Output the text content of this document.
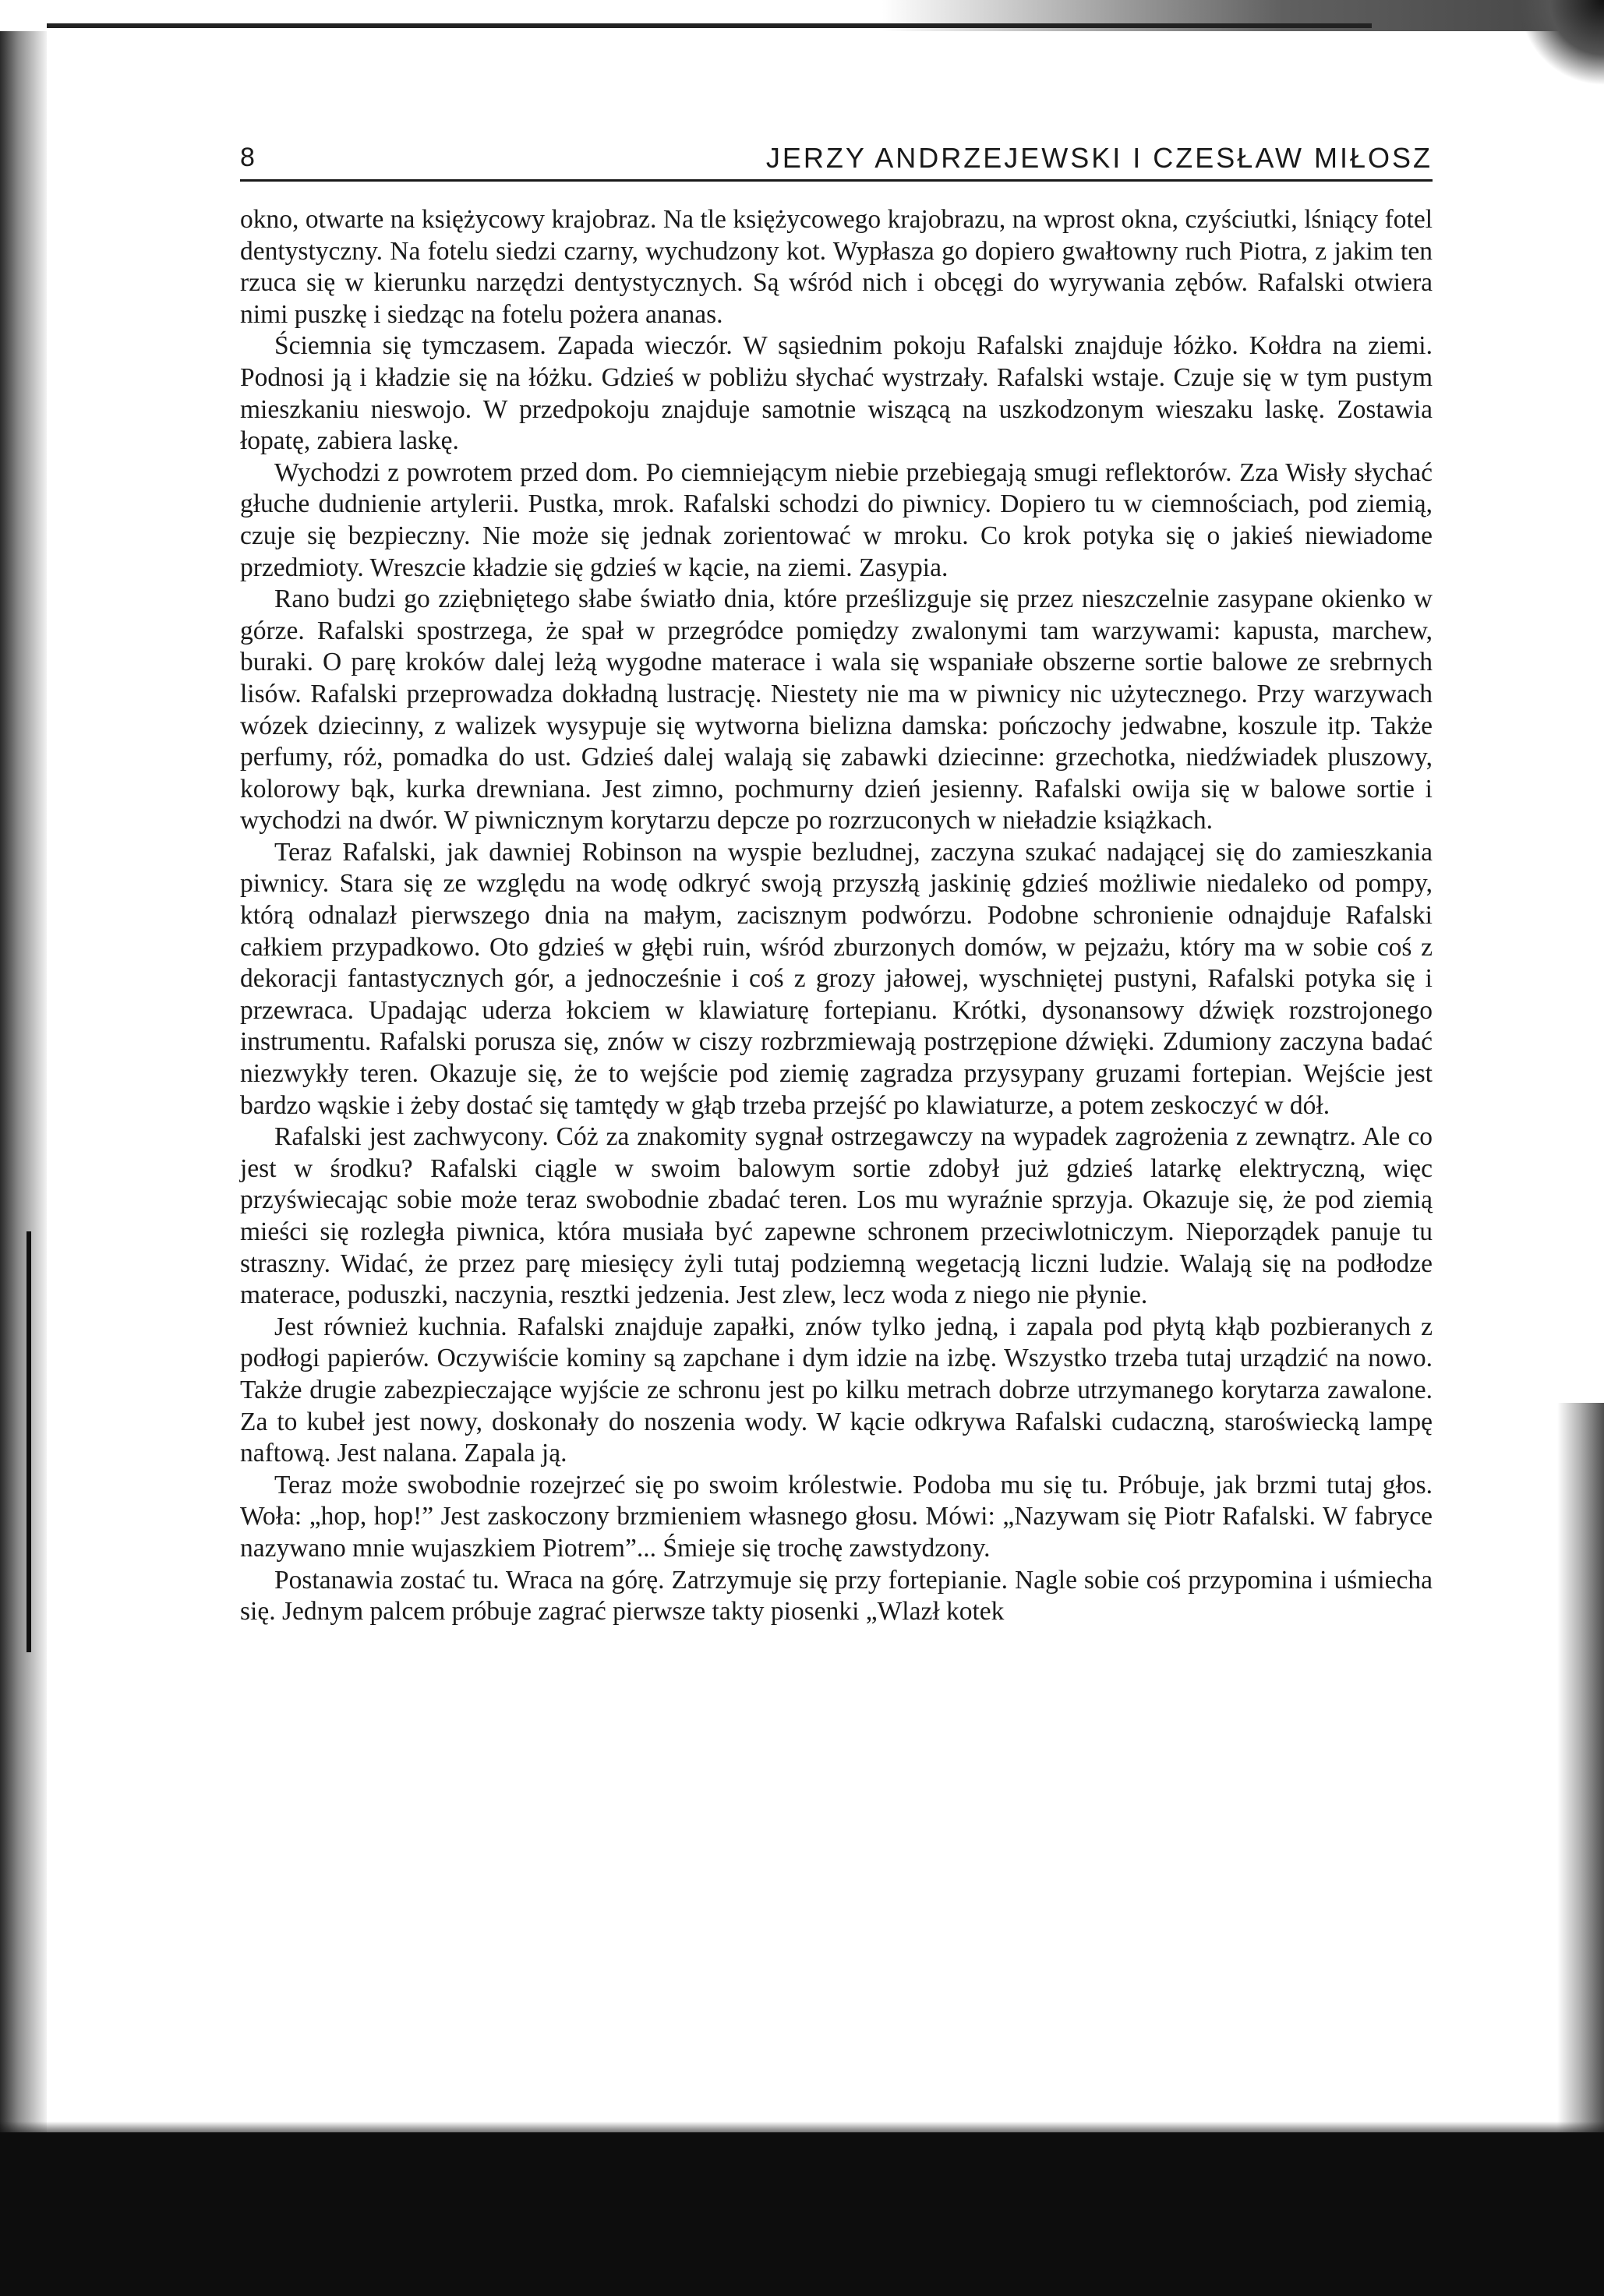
8	JERZY ANDRZEJEWSKI I CZESŁAW MIŁOSZ

okno, otwarte na księżycowy krajobraz. Na tle księżycowego krajobrazu, na wprost okna, czyściutki, lśniący fotel dentystyczny. Na fotelu siedzi czarny, wychudzony kot. Wypłasza go dopiero gwałtowny ruch Piotra, z jakim ten rzuca się w kierunku narzędzi dentystycznych. Są wśród nich i obcęgi do wyrywania zębów. Rafalski otwiera nimi puszkę i siedząc na fotelu pożera ananas.

Ściemnia się tymczasem. Zapada wieczór. W sąsiednim pokoju Rafalski znajduje łóżko. Kołdra na ziemi. Podnosi ją i kładzie się na łóżku. Gdzieś w pobliżu słychać wystrzały. Rafalski wstaje. Czuje się w tym pustym mieszkaniu nieswojo. W przedpokoju znajduje samotnie wiszącą na uszkodzonym wieszaku laskę. Zostawia łopatę, zabiera laskę.

Wychodzi z powrotem przed dom. Po ciemniejącym niebie przebiegają smugi reflektorów. Zza Wisły słychać głuche dudnienie artylerii. Pustka, mrok. Rafalski schodzi do piwnicy. Dopiero tu w ciemnościach, pod ziemią, czuje się bezpieczny. Nie może się jednak zorientować w mroku. Co krok potyka się o jakieś niewiadome przedmioty. Wreszcie kładzie się gdzieś w kącie, na ziemi. Zasypia.

Rano budzi go zziębniętego słabe światło dnia, które prześlizguje się przez nieszczelnie zasypane okienko w górze. Rafalski spostrzega, że spał w przegródce pomiędzy zwalonymi tam warzywami: kapusta, marchew, buraki. O parę kroków dalej leżą wygodne materace i wala się wspaniałe obszerne sortie balowe ze srebrnych lisów. Rafalski przeprowadza dokładną lustrację. Niestety nie ma w piwnicy nic użytecznego. Przy warzywach wózek dziecinny, z walizek wysypuje się wytworna bielizna damska: pończochy jedwabne, koszule itp. Także perfumy, róż, pomadka do ust. Gdzieś dalej walają się zabawki dziecinne: grzechotka, niedźwiadek pluszowy, kolorowy bąk, kurka drewniana. Jest zimno, pochmurny dzień jesienny. Rafalski owija się w balowe sortie i wychodzi na dwór. W piwnicznym korytarzu depcze po rozrzuconych w nieładzie książkach.

Teraz Rafalski, jak dawniej Robinson na wyspie bezludnej, zaczyna szukać nadającej się do zamieszkania piwnicy. Stara się ze względu na wodę odkryć swoją przyszłą jaskinię gdzieś możliwie niedaleko od pompy, którą odnalazł pierwszego dnia na małym, zacisznym podwórzu. Podobne schronienie odnajduje Rafalski całkiem przypadkowo. Oto gdzieś w głębi ruin, wśród zburzonych domów, w pejzażu, który ma w sobie coś z dekoracji fantastycznych gór, a jednocześnie i coś z grozy jałowej, wyschniętej pustyni, Rafalski potyka się i przewraca. Upadając uderza łokciem w klawiaturę fortepianu. Krótki, dysonansowy dźwięk rozstrojonego instrumentu. Rafalski porusza się, znów w ciszy rozbrzmiewają postrzępione dźwięki. Zdumiony zaczyna badać niezwykły teren. Okazuje się, że to wejście pod ziemię zagradza przysypany gruzami fortepian. Wejście jest bardzo wąskie i żeby dostać się tamtędy w głąb trzeba przejść po klawiaturze, a potem zeskoczyć w dół.

Rafalski jest zachwycony. Cóż za znakomity sygnał ostrzegawczy na wypadek zagrożenia z zewnątrz. Ale co jest w środku? Rafalski ciągle w swoim balowym sortie zdobył już gdzieś latarkę elektryczną, więc przyświecając sobie może teraz swobodnie zbadać teren. Los mu wyraźnie sprzyja. Okazuje się, że pod ziemią mieści się rozległa piwnica, która musiała być zapewne schronem przeciwlotniczym. Nieporządek panuje tu straszny. Widać, że przez parę miesięcy żyli tutaj podziemną wegetacją liczni ludzie. Walają się na podłodze materace, poduszki, naczynia, resztki jedzenia. Jest zlew, lecz woda z niego nie płynie.

Jest również kuchnia. Rafalski znajduje zapałki, znów tylko jedną, i zapala pod płytą kłąb pozbieranych z podłogi papierów. Oczywiście kominy są zapchane i dym idzie na izbę. Wszystko trzeba tutaj urządzić na nowo. Także drugie zabezpieczające wyjście ze schronu jest po kilku metrach dobrze utrzymanego korytarza zawalone. Za to kubeł jest nowy, doskonały do noszenia wody. W kącie odkrywa Rafalski cudaczną, staroświecką lampę naftową. Jest nalana. Zapala ją.

Teraz może swobodnie rozejrzeć się po swoim królestwie. Podoba mu się tu. Próbuje, jak brzmi tutaj głos. Woła: „hop, hop!” Jest zaskoczony brzmieniem własnego głosu. Mówi: „Nazywam się Piotr Rafalski. W fabryce nazywano mnie wujaszkiem Piotrem”... Śmieje się trochę zawstydzony.

Postanawia zostać tu. Wraca na górę. Zatrzymuje się przy fortepianie. Nagle sobie coś przypomina i uśmiecha się. Jednym palcem próbuje zagrać pierwsze takty piosenki „Wlazł kotek
